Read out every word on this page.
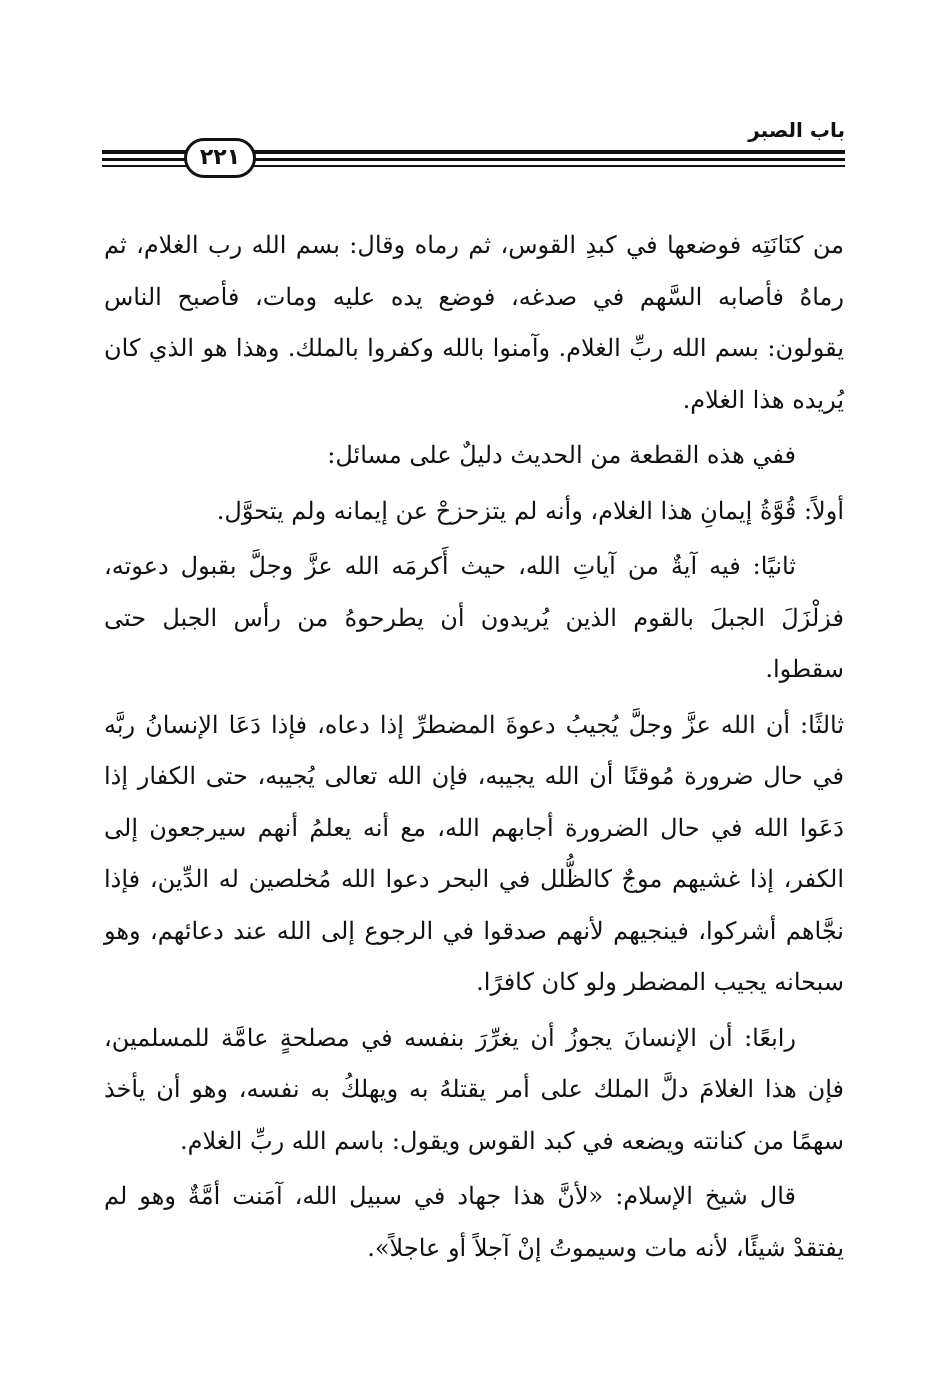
باب الصبر
٢٢١

من كنَانَتِه فوضعها في كبدِ القوس، ثم رماه وقال: بسم الله رب الغلام، ثم رماهُ فأصابه السَّهم في صدغه، فوضع يده عليه ومات، فأصبح الناس يقولون: بسم الله ربِّ الغلام. وآمنوا بالله وكفروا بالملك. وهذا هو الذي كان يُريده هذا الغلام.

ففي هذه القطعة من الحديث دليلٌ على مسائل:

أولاً: قُوَّةُ إيمانِ هذا الغلام، وأنه لم يتزحزحْ عن إيمانه ولم يتحوَّل.

ثانيًا: فيه آيةٌ من آياتِ الله، حيث أَكرمَه الله عزَّ وجلَّ بقبول دعوته، فزلْزَلَ الجبلَ بالقوم الذين يُريدون أن يطرحوهُ من رأس الجبل حتى سقطوا.

ثالثًا: أن الله عزَّ وجلَّ يُجيبُ دعوةَ المضطرِّ إذا دعاه، فإذا دَعَا الإنسانُ ربَّه في حال ضرورة مُوقنًا أن الله يجيبه، فإن الله تعالى يُجيبه، حتى الكفار إذا دَعَوا الله في حال الضرورة أجابهم الله، مع أنه يعلمُ أنهم سيرجعون إلى الكفر، إذا غشيهم موجٌ كالظُّلل في البحر دعوا الله مُخلصين له الدِّين، فإذا نجَّاهم أشركوا، فينجيهم لأنهم صدقوا في الرجوع إلى الله عند دعائهم، وهو سبحانه يجيب المضطر ولو كان كافرًا.

رابعًا: أن الإنسانَ يجوزُ أن يغرِّرَ بنفسه في مصلحةٍ عامَّة للمسلمين، فإن هذا الغلامَ دلَّ الملك على أمر يقتلهُ به ويهلكُ به نفسه، وهو أن يأخذ سهمًا من كنانته ويضعه في كبد القوس ويقول: باسم الله ربِّ الغلام.

قال شيخ الإسلام: «لأنَّ هذا جهاد في سبيل الله، آمَنت أمَّةٌ وهو لم يفتقدْ شيئًا، لأنه مات وسيموتُ إنْ آجلاً أو عاجلاً».
